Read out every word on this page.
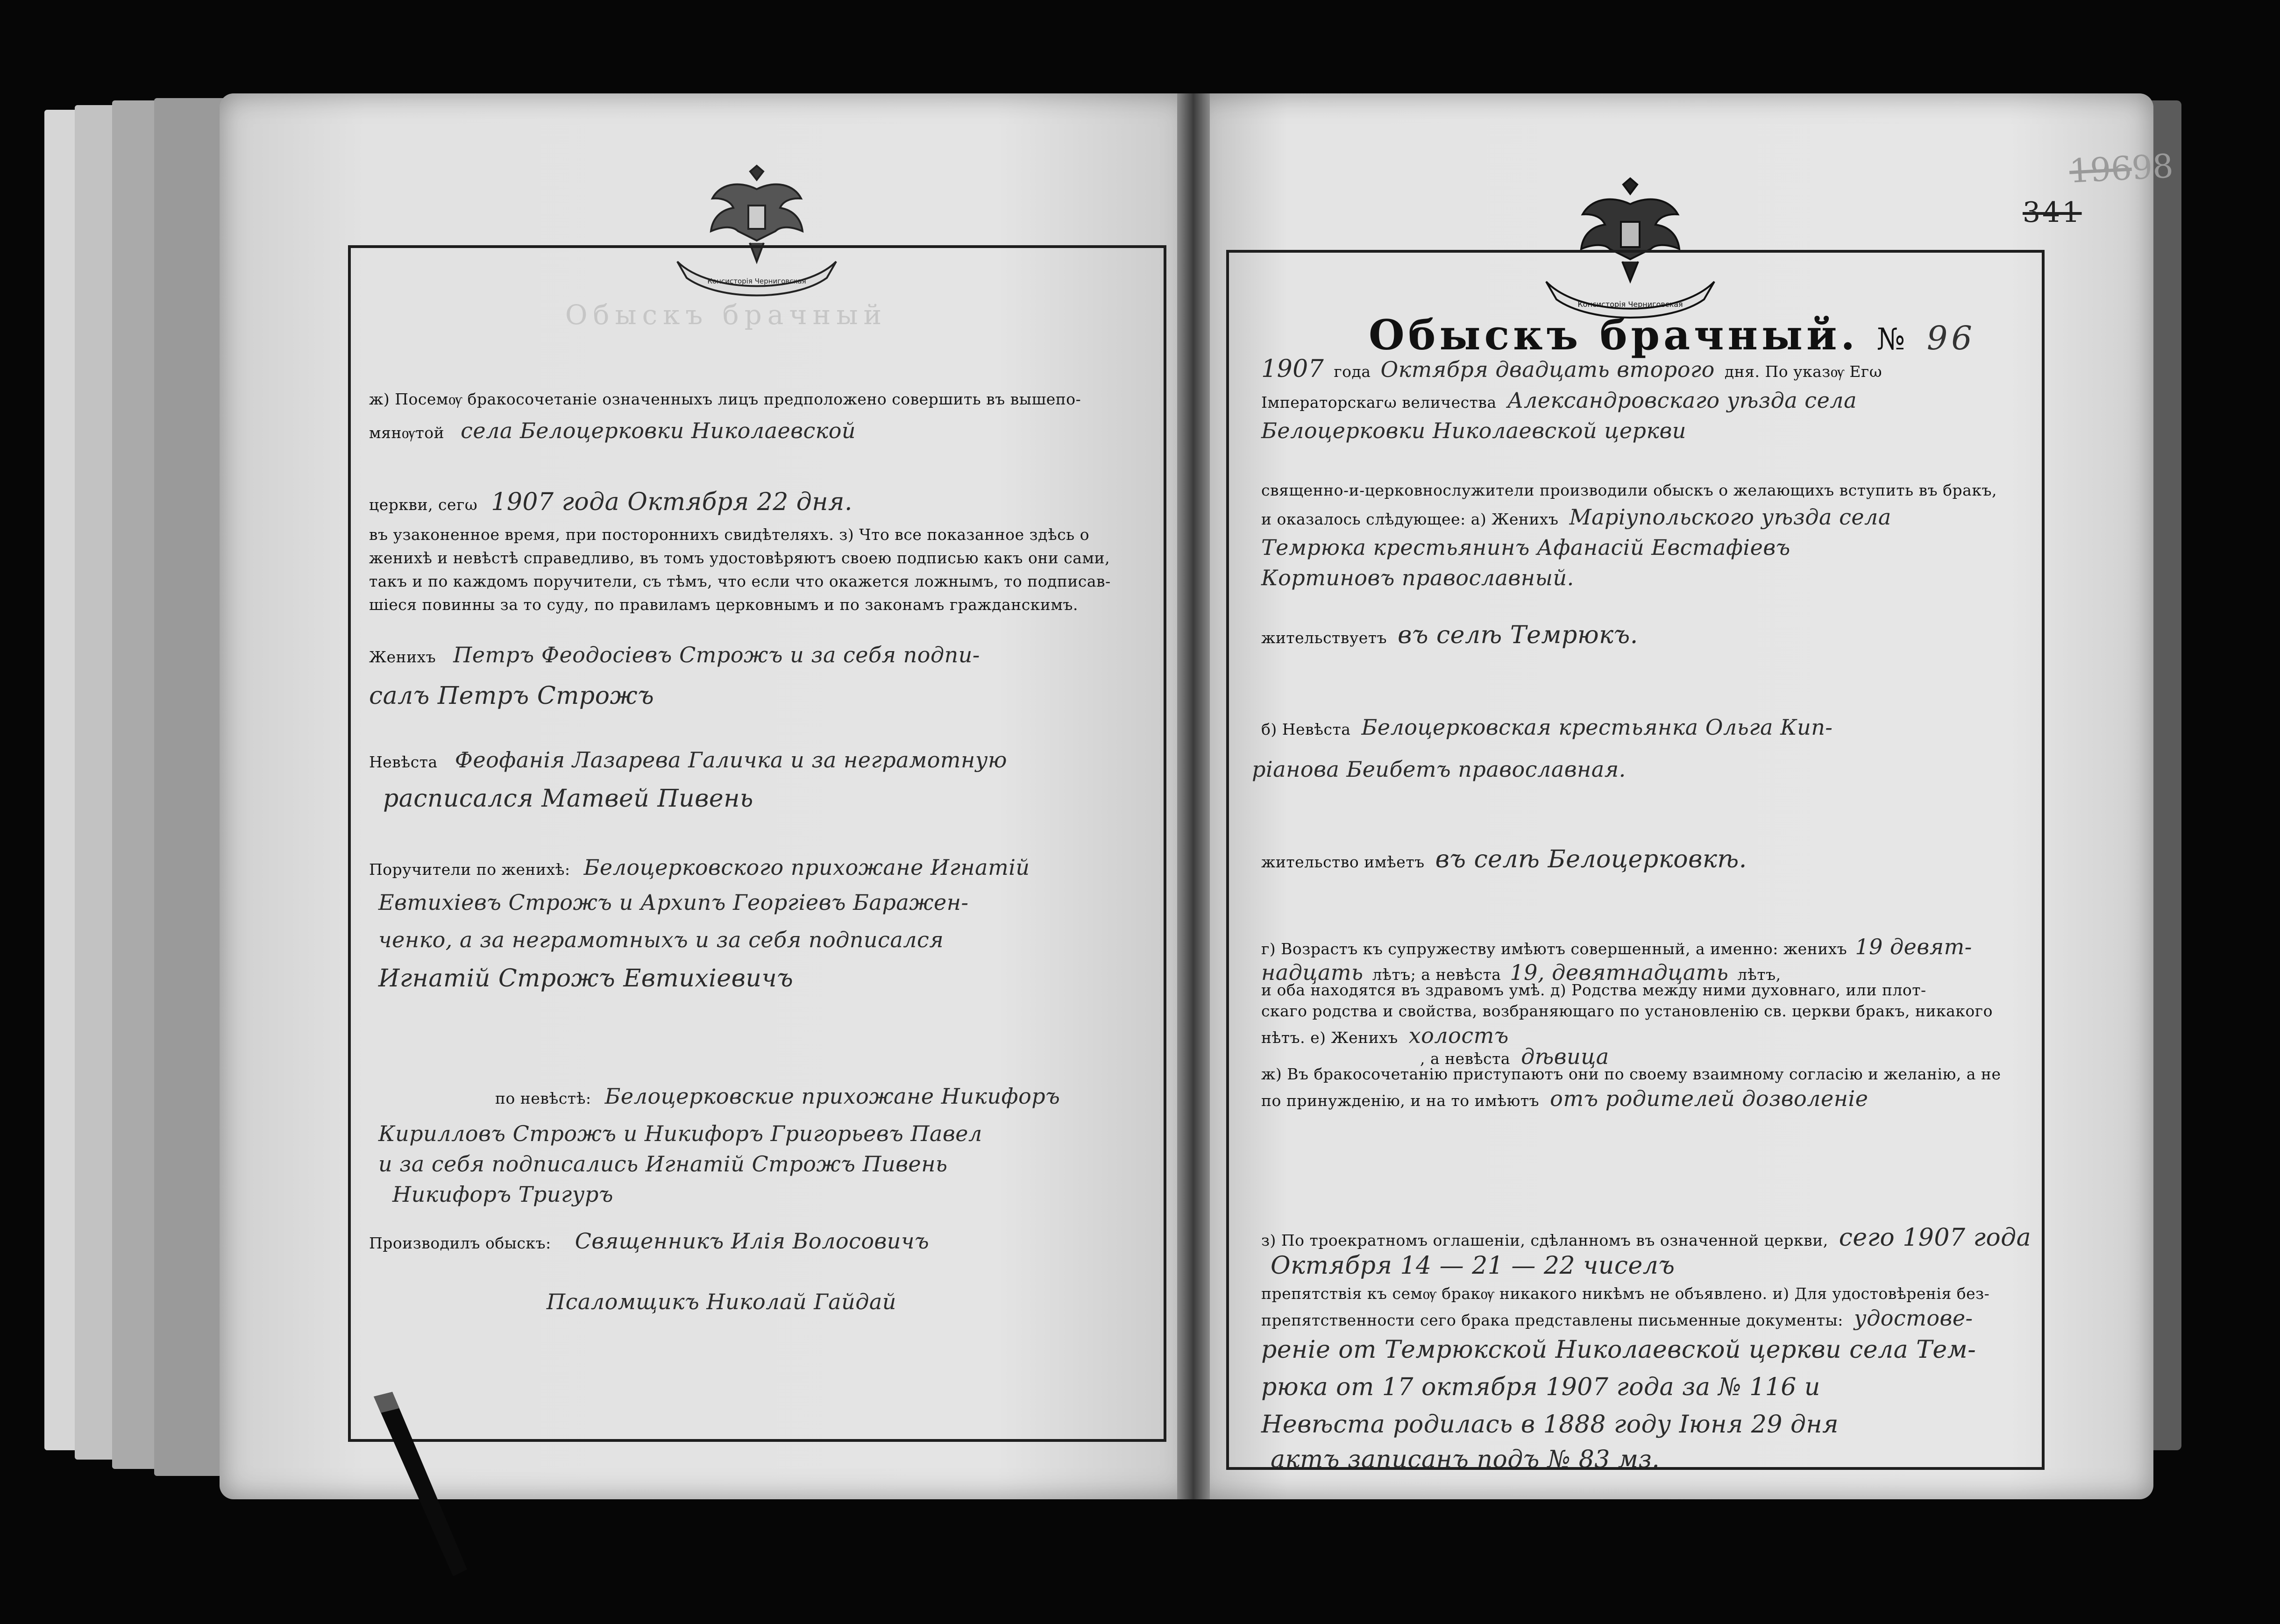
Обыскъ брачный
Консисторія Черниговская
Консисторія Черниговская
19698
341
Обыскъ брачный. № 96
ж) Посемѹ бракосочетаніе означенныхъ лицъ предположено совершить въ вышепо-
мянѹтой села Белоцерковки Николаевской
церкви, сегω 1907 года Октября 22 дня.
въ узаконенное время, при постороннихъ свидѣтеляхъ. з) Что все показанное здѣсь о
женихѣ и невѣстѣ справедливо, въ томъ удостовѣряютъ своею подписью какъ они сами,
такъ и по каждомъ поручители, съ тѣмъ, что если что окажется ложнымъ, то подписав-
шіеся повинны за то суду, по правиламъ церковнымъ и по законамъ гражданскимъ.
Женихъ Петръ Феодосіевъ Строжъ и за себя подпи-
салъ Петръ Строжъ
Невѣста Феофанія Лазарева Галичка и за неграмотную
расписался Матвей Пивень
Поручители по женихѣ: Белоцерковского прихожане Игнатій
Евтихіевъ Строжъ и Архипъ Георгіевъ Баражен-
ченко, а за неграмотныхъ и за себя подписался
Игнатій Строжъ Евтихіевичъ
по невѣстѣ: Белоцерковские прихожане Никифоръ
Кирилловъ Строжъ и Никифоръ Григорьевъ Павел
и за себя подписались Игнатій Строжъ Пивень
Никифоръ Тригуръ
Производилъ обыскъ: Священникъ Илія Волосовичъ
Псаломщикъ Николай Гайдай
1907 года Октября двадцать второго дня. По указѹ Егω
Імператорскагω величества Александровскаго уѣзда села
Белоцерковки Николаевской церкви
священно-и-церковнослужители производили обыскъ о желающихъ вступить въ бракъ,
и оказалось слѣдующее: а) Женихъ Маріупольского уѣзда села
Темрюка крестьянинъ Афанасій Евстафіевъ
Кортиновъ православный.
жительствуетъ въ селѣ Темрюкъ.
б) Невѣста Белоцерковская крестьянка Ольга Кип-
ріанова Беибетъ православная.
жительство имѣетъ въ селѣ Белоцерковкѣ.
г) Возрастъ къ супружеству имѣютъ совершенный, а именно: женихъ 19 девят-
надцать лѣтъ; а невѣста 19, девятнадцать лѣтъ,
и оба находятся въ здравомъ умѣ. д) Родства между ними духовнаго, или плот-
скаго родства и свойства, возбраняющаго по установленію св. церкви бракъ, никакого
нѣтъ. е) Женихъ холостъ
, а невѣста дѣвица
ж) Въ бракосочетанію приступаютъ они по своему взаимному согласію и желанію, а не
по принужденію, и на то имѣютъ отъ родителей дозволеніе
з) По троекратномъ оглашеніи, сдѣланномъ въ означенной церкви, сего 1907 года
Октября 14 — 21 — 22 чиселъ
препятствія къ семѹ бракѹ никакого никѣмъ не объявлено. и) Для удостовѣренія без-
препятственности сего брака представлены письменные документы: удостове-
реніе от Темрюкской Николаевской церкви села Тем-
рюка от 17 октября 1907 года за № 116 и
Невѣста родилась в 1888 году Іюня 29 дня
актъ записанъ подъ № 83 мз.
